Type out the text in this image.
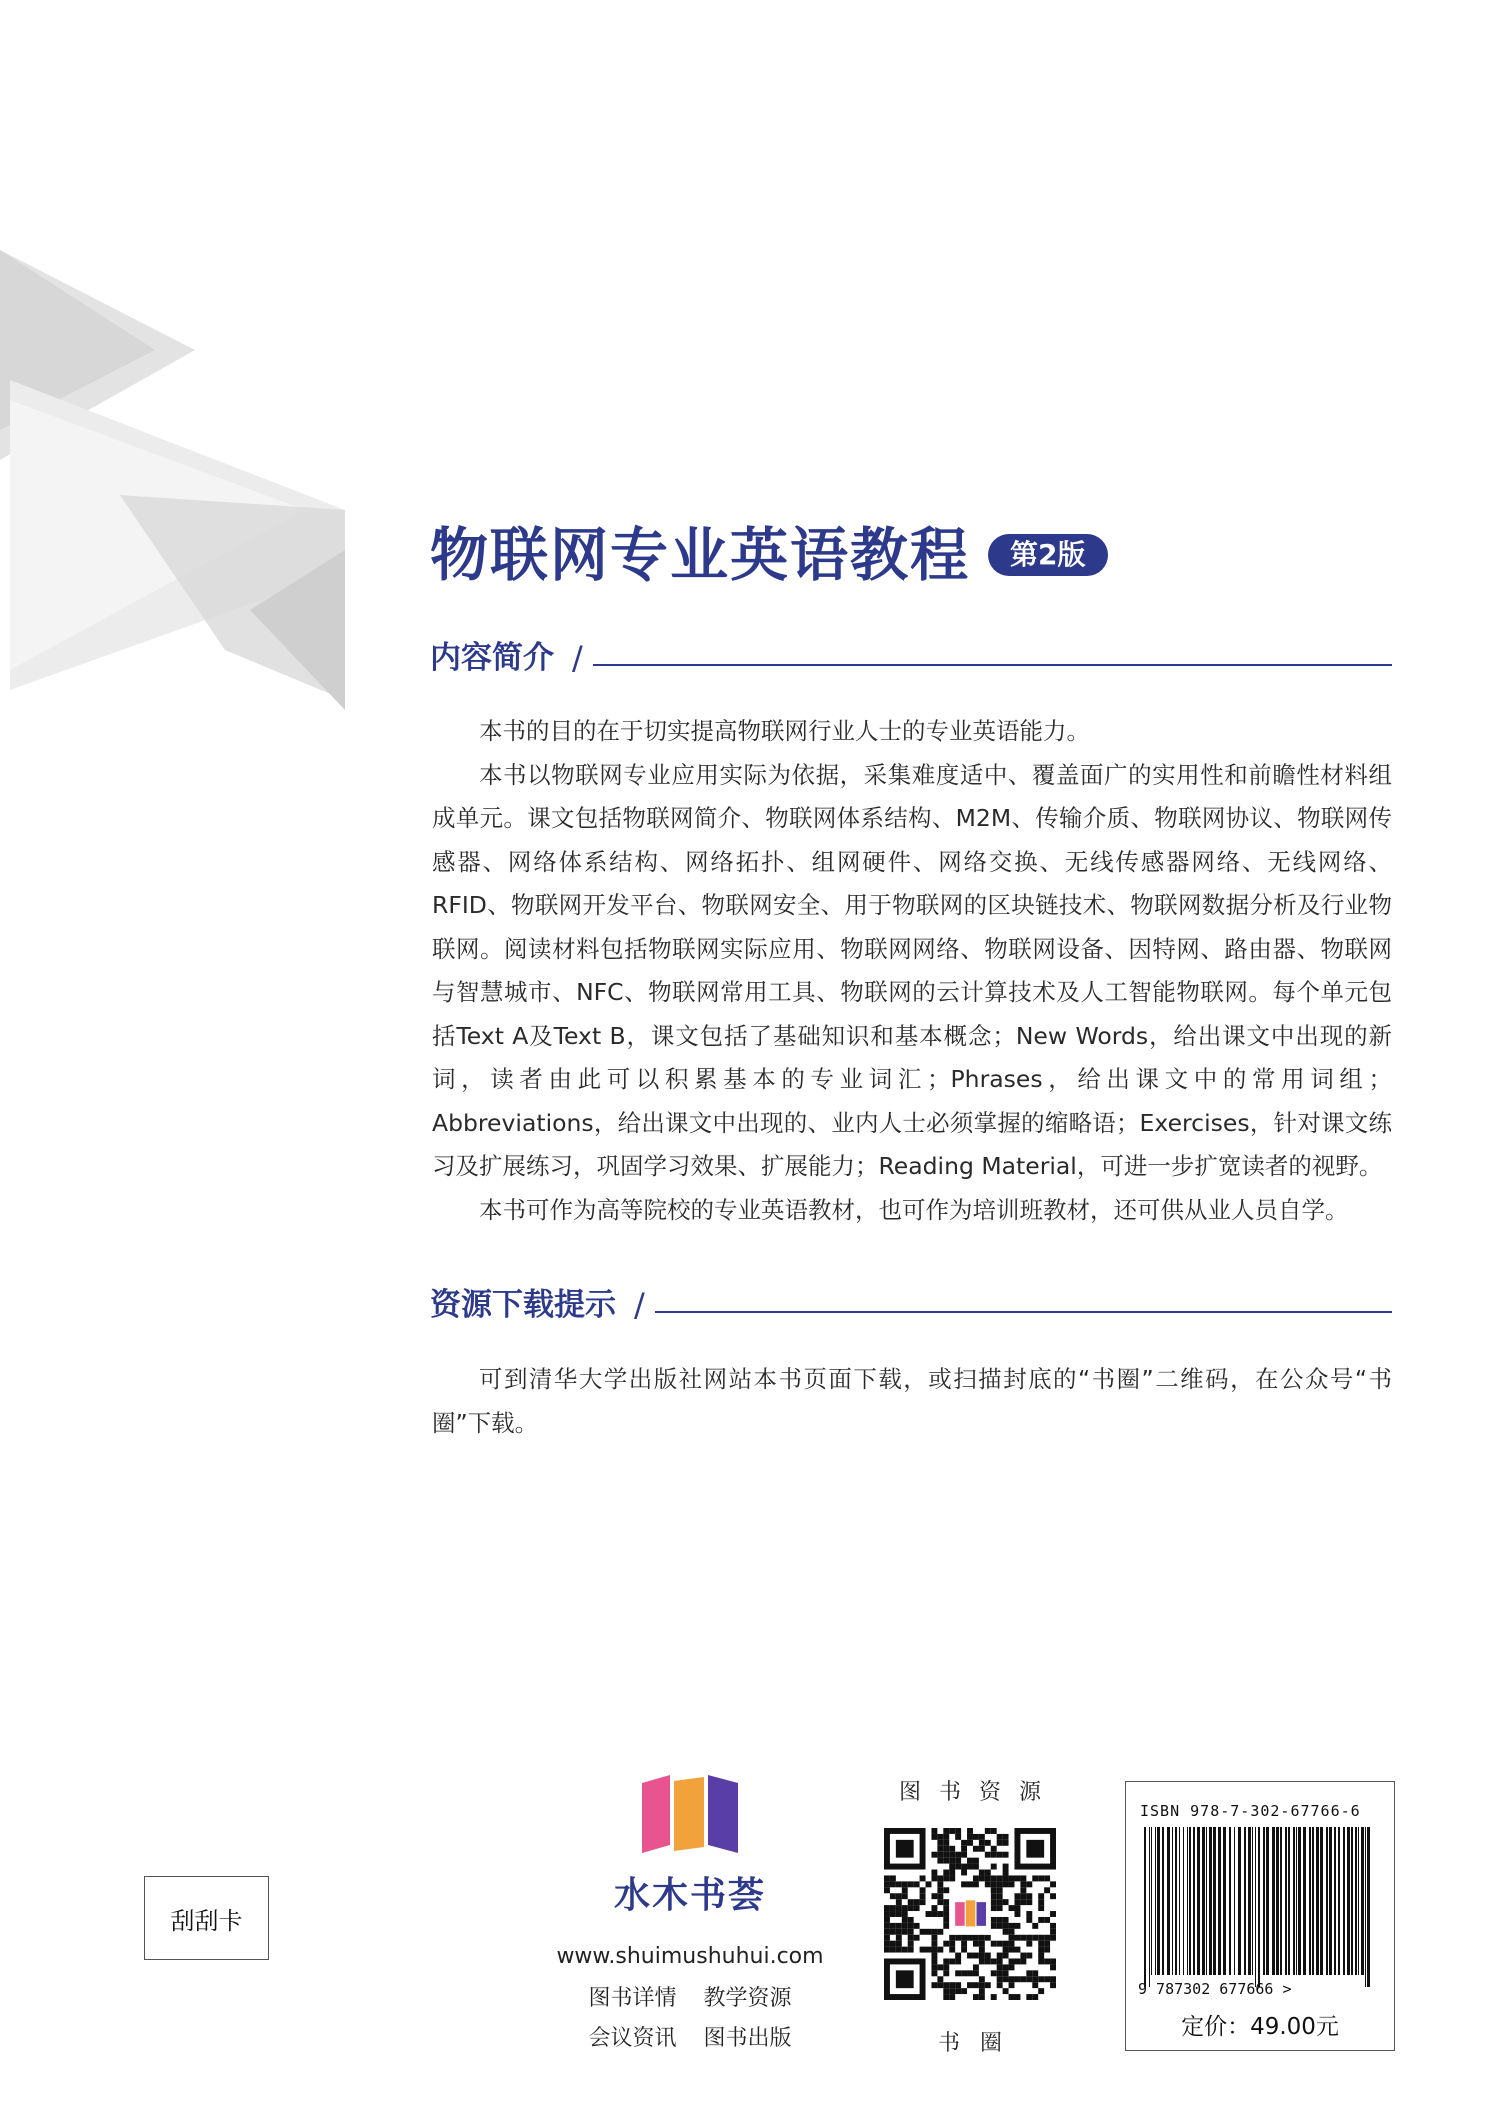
物联网专业英语教程	第2版
内容简介 /

本书的目的在于切实提高物联网行业人士的专业英语能力。

本书以物联网专业应用实际为依据，采集难度适中、覆盖面广的实用性和前瞻性材料组成单元。课文包括物联网简介、物联网体系结构、M2M、传输介质、物联网协议、物联网传感器、网络体系结构、网络拓扑、组网硬件、网络交换、无线传感器网络、无线网络、RFID、物联网开发平台、物联网安全、用于物联网的区块链技术、物联网数据分析及行业物联网。阅读材料包括物联网实际应用、物联网网络、物联网设备、因特网、路由器、物联网与智慧城市、NFC、物联网常用工具、物联网的云计算技术及人工智能物联网。每个单元包括Text A及Text B，课文包括了基础知识和基本概念；New Words，给出课文中出现的新词，读者由此可以积累基本的专业词汇；Phrases，给出课文中的常用词组；Abbreviations，给出课文中出现的、业内人士必须掌握的缩略语；Exercises，针对课文练习及扩展练习，巩固学习效果、扩展能力；Reading Material，可进一步扩宽读者的视野。

本书可作为高等院校的专业英语教材，也可作为培训班教材，还可供从业人员自学。

资源下载提示 /

可到清华大学出版社网站本书页面下载，或扫描封底的“书圈”二维码，在公众号“书圈”下载。

刮刮卡
水木书荟
www.shuimushuhui.com
图书详情 教学资源
会议资讯 图书出版
图书资源
书圈
ISBN 978-7-302-67766-6
9 787302 677666 >
定价：49.00元
